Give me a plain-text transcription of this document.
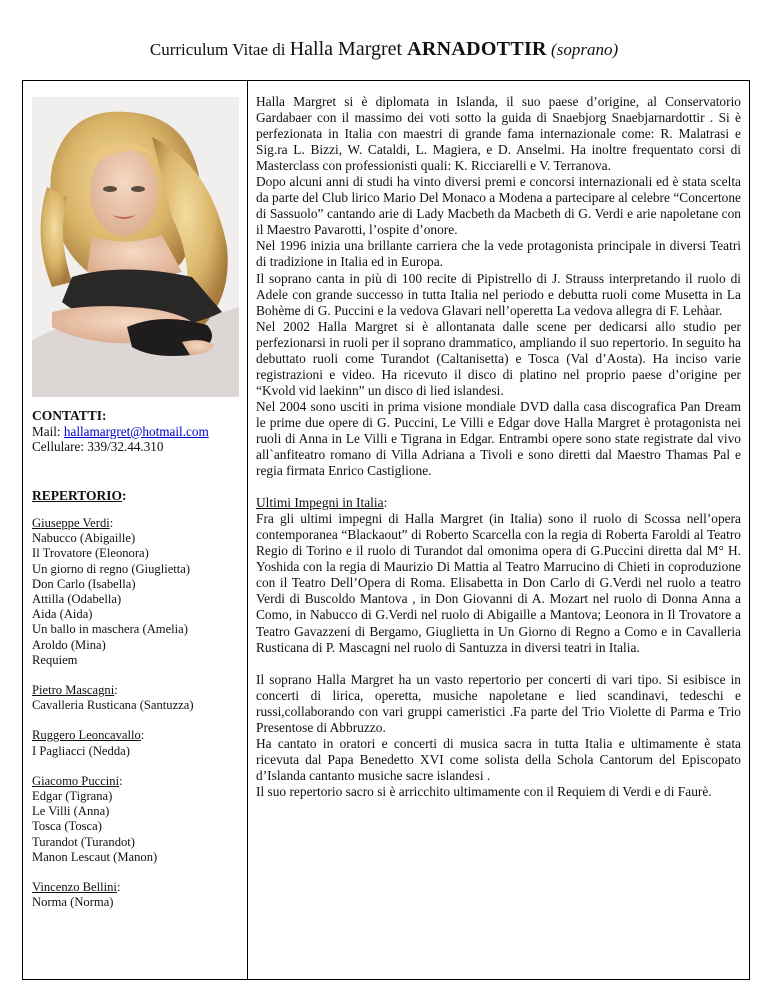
Curriculum Vitae di Halla Margret ARNADOTTIR (soprano)
CONTATTI:
Mail: hallamargret@hotmail.com
Cellulare: 339/32.44.310
REPERTORIO:
Giuseppe Verdi:
Nabucco (Abigaille)
Il Trovatore (Eleonora)
Un giorno di regno (Giuglietta)
Don Carlo (Isabella)
Attilla (Odabella)
Aida (Aida)
Un ballo in maschera (Amelia)
Aroldo (Mina)
Requiem
Pietro Mascagni:
Cavalleria Rusticana (Santuzza)
Ruggero Leoncavallo:
I Pagliacci (Nedda)
Giacomo Puccini:
Edgar (Tigrana)
Le Villi (Anna)
Tosca (Tosca)
Turandot (Turandot)
Manon Lescaut (Manon)
Vincenzo Bellini:
Norma (Norma)

Halla Margret si è diplomata in Islanda, il suo paese d’origine, al Conservatorio Gardabaer con il massimo dei voti sotto la guida di Snaebjorg Snaebjarnardottir . Si è perfezionata in Italia con maestri di grande fama internazionale come: R. Malatrasi e Sig.ra L. Bizzi, W. Cataldi, L. Magiera, e D. Anselmi. Ha inoltre frequentato corsi di Masterclass con professionisti quali: K. Ricciarelli e V. Terranova.

Dopo alcuni anni di studi ha vinto diversi premi e concorsi internazionali ed è stata scelta da parte del Club lirico Mario Del Monaco a Modena a partecipare al celebre “Concertone di Sassuolo” cantando arie di Lady Macbeth da Macbeth di G. Verdi e arie napoletane con il Maestro Pavarotti, l’ospite d’onore.

Nel 1996 inizia una brillante carriera che la vede protagonista principale in diversi Teatri di tradizione in Italia ed in Europa.

Il soprano canta in più di 100 recite di Pipistrello di J. Strauss interpretando il ruolo di Adele con grande successo in tutta Italia nel periodo e debutta ruoli come Musetta in La Bohème di G. Puccini e la vedova Glavari nell’operetta La vedova allegra di F. Lehàar.

Nel 2002 Halla Margret si è allontanata dalle scene per dedicarsi allo studio per perfezionarsi in ruoli per il soprano drammatico, ampliando il suo repertorio. In seguito ha debuttato ruoli come Turandot (Caltanisetta) e Tosca (Val d’Aosta). Ha inciso varie registrazioni e video. Ha ricevuto il disco di platino nel proprio paese d’origine per “Kvold vid laekinn” un disco di lied islandesi.

Nel 2004 sono usciti in prima visione mondiale DVD dalla casa discografica Pan Dream le prime due opere di G. Puccini, Le Villi e Edgar dove Halla Margret è protagonista nei ruoli di Anna in Le Villi e Tigrana in Edgar. Entrambi opere sono state registrate dal vivo all`anfiteatro romano di Villa Adriana a Tivoli e sono diretti dal Maestro Thamas Pal e regia firmata Enrico Castiglione.

Ultimi Impegni in Italia:

Fra gli ultimi impegni di Halla Margret (in Italia) sono il ruolo di Scossa nell’opera contemporanea “Blackaout” di Roberto Scarcella con la regia di Roberta Faroldi al Teatro Regio di Torino e il ruolo di Turandot dal omonima opera di G.Puccini diretta dal M° H. Yoshida con la regia di Maurizio Di Mattia al Teatro Marrucino di Chieti in coproduzione con il Teatro Dell’Opera di Roma. Elisabetta in Don Carlo di G.Verdi nel ruolo a teatro Verdi di Buscoldo Mantova , in Don Giovanni di A. Mozart nel ruolo di Donna Anna a Como, in Nabucco di G.Verdi nel ruolo di Abigaille a Mantova; Leonora in Il Trovatore a Teatro Gavazzeni di Bergamo, Giuglietta in Un Giorno di Regno a Como e in Cavalleria Rusticana di P. Mascagni nel ruolo di Santuzza in diversi teatri in Italia.

Il soprano Halla Margret ha un vasto repertorio per concerti di vari tipo. Si esibisce in concerti di lirica, operetta, musiche napoletane e lied scandinavi, tedeschi e russi,collaborando con vari gruppi cameristici .Fa parte del Trio Violette di Parma e Trio Presentose di Abbruzzo.

Ha cantato in oratori e concerti di musica sacra in tutta Italia e ultimamente è stata ricevuta dal Papa Benedetto XVI come solista della Schola Cantorum del Episcopato d’Islanda cantanto musiche sacre islandesi .

Il suo repertorio sacro si è arricchito ultimamente con il Requiem di Verdi e di Faurè.
